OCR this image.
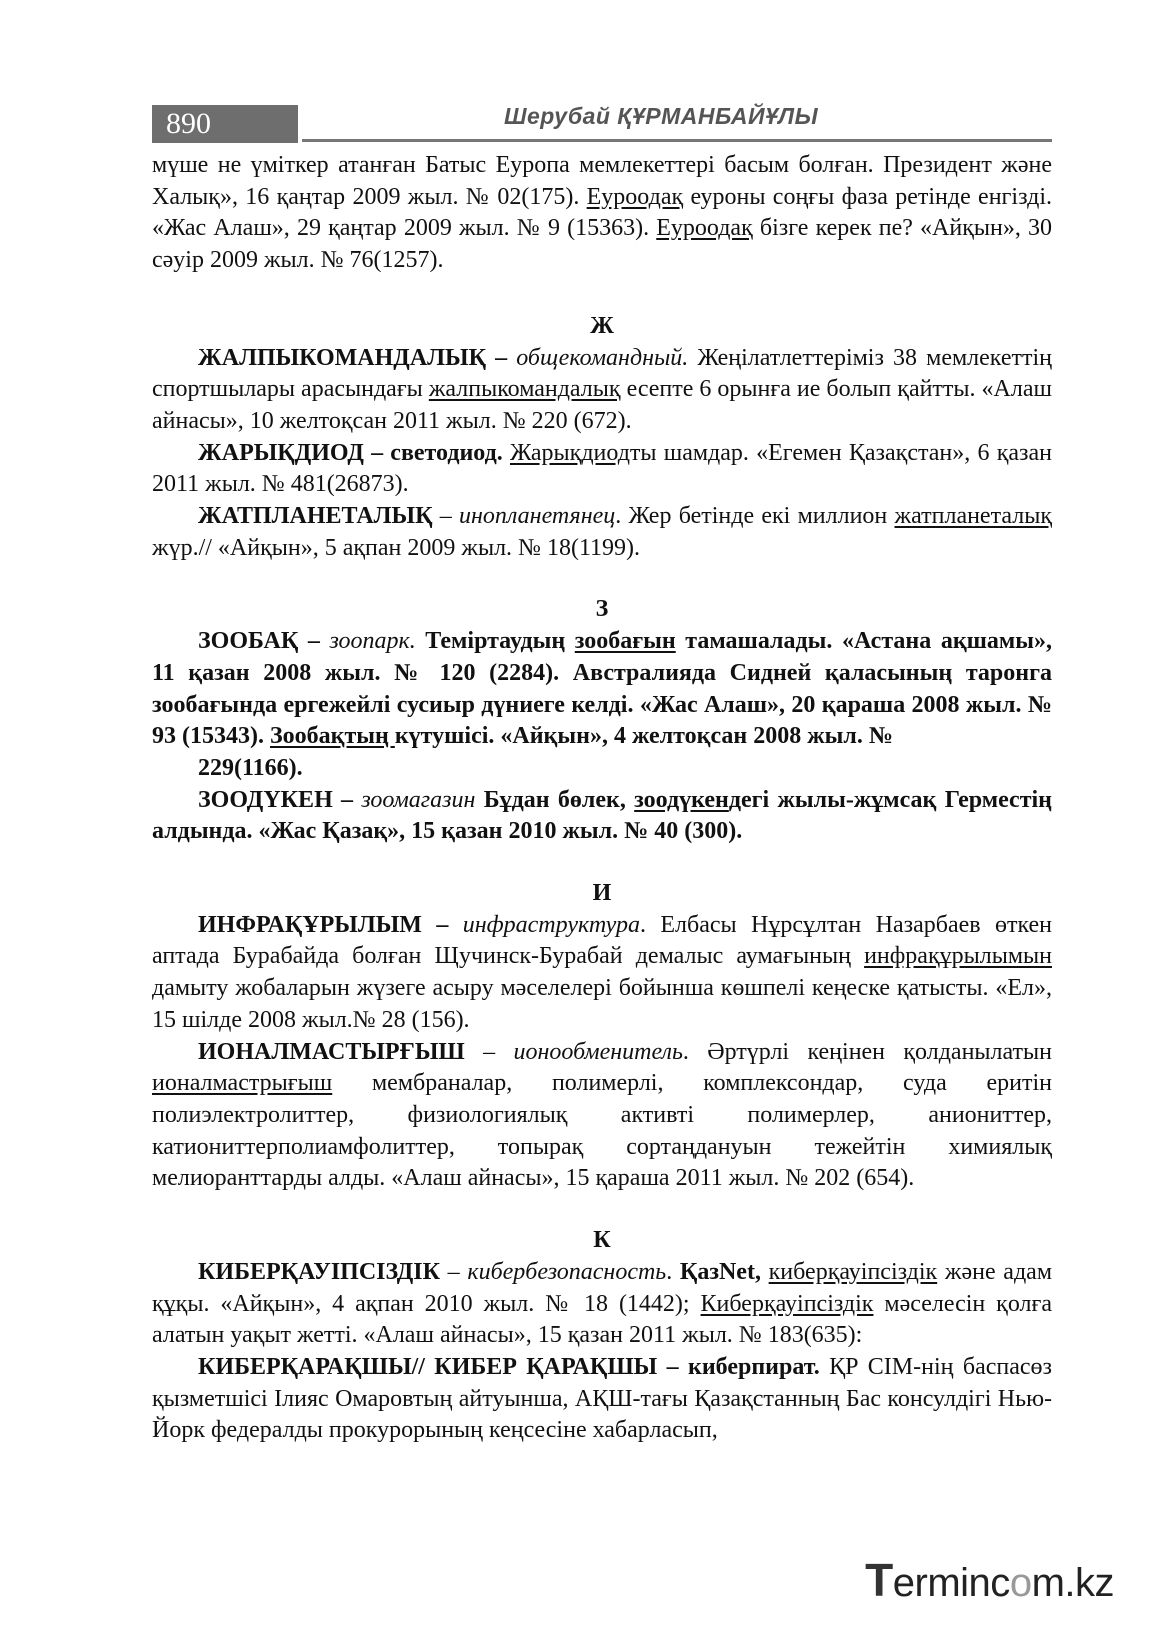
890	Шерубай ҚҰРМАНБАЙҰЛЫ

мүше не үміткер атанған Батыс Еуропа мемлекеттері басым болған. Президент және Халық», 16 қаңтар 2009 жыл. № 02(175). Еуроодақ еуроны соңғы фаза ретінде енгізді. «Жас Алаш», 29 қаңтар 2009 жыл. № 9 (15363). Еуроодақ бізге керек пе? «Айқын», 30 сәуір 2009 жыл. № 76(1257).

Ж

ЖАЛПЫКОМАНДАЛЫҚ – общекомандный. Жеңілатлеттеріміз 38 мемлекеттің спортшылары арасындағы жалпыкомандалық есепте 6 орынға ие болып қайтты. «Алаш айнасы», 10 желтоқсан 2011 жыл. № 220 (672).

ЖАРЫҚДИОД – светодиод. Жарықдиодты шамдар. «Егемен Қазақстан», 6 қазан 2011 жыл. № 481(26873).

ЖАТПЛАНЕТАЛЫҚ – инопланетянец. Жер бетінде екі миллион жатпланеталық жүр.// «Айқын», 5 ақпан 2009 жыл. № 18(1199).

З

ЗООБАҚ – зоопарк. Теміртаудың зообағын тамашалады. «Астана ақшамы», 11 қазан 2008 жыл. № 120 (2284). Австралияда Сидней қаласының таронга зообағында ергежейлі сусиыр дүниеге келді. «Жас Алаш», 20 қараша 2008 жыл. № 93 (15343). Зообақтың күтушісі. «Айқын», 4 желтоқсан 2008 жыл. №

229(1166).

ЗООДҮКЕН – зоомагазин Бұдан бөлек, зоодүкендегі жылы-жұмсақ Герместің алдында. «Жас Қазақ», 15 қазан 2010 жыл. № 40 (300).

И

ИНФРАҚҰРЫЛЫМ – инфраструктура. Елбасы Нұрсұлтан Назарбаев өткен аптада Бурабайда болған Щучинск-Бурабай демалыс аумағының инфрақұрылымын дамыту жобаларын жүзеге асыру мәселелері бойынша көшпелі кеңеске қатысты. «Ел», 15 шілде 2008 жыл.№ 28 (156).

ИОНАЛМАСТЫРҒЫШ – ионообменитель. Әртүрлі кеңінен қолданылатын ионалмастрығыш мембраналар, полимерлі, комплексондар, суда еритін полиэлектролиттер, физиологиялық активті полимерлер, аниониттер, катиониттерполиамфолиттер, топырақ сортаңдануын тежейтін химиялық мелиоранттарды алды. «Алаш айнасы», 15 қараша 2011 жыл. № 202 (654).

К

КИБЕРҚАУІПСІЗДІК – кибербезопасность. ҚазNet, киберқауіпсіздік және адам құқы. «Айқын», 4 ақпан 2010 жыл. № 18 (1442); Киберқауіпсіздік мәселесін қолға алатын уақыт жетті. «Алаш айнасы», 15 қазан 2011 жыл. № 183(635):

КИБЕРҚАРАҚШЫ// КИБЕР ҚАРАҚШЫ – киберпират. ҚР СІМ-нің баспасөз қызметшісі Ілияс Омаровтың айтуынша, АҚШ-тағы Қазақстанның Бас консулдігі Нью-Йорк федералды прокурорының кеңсесіне хабарласып,

Termincom.kz
